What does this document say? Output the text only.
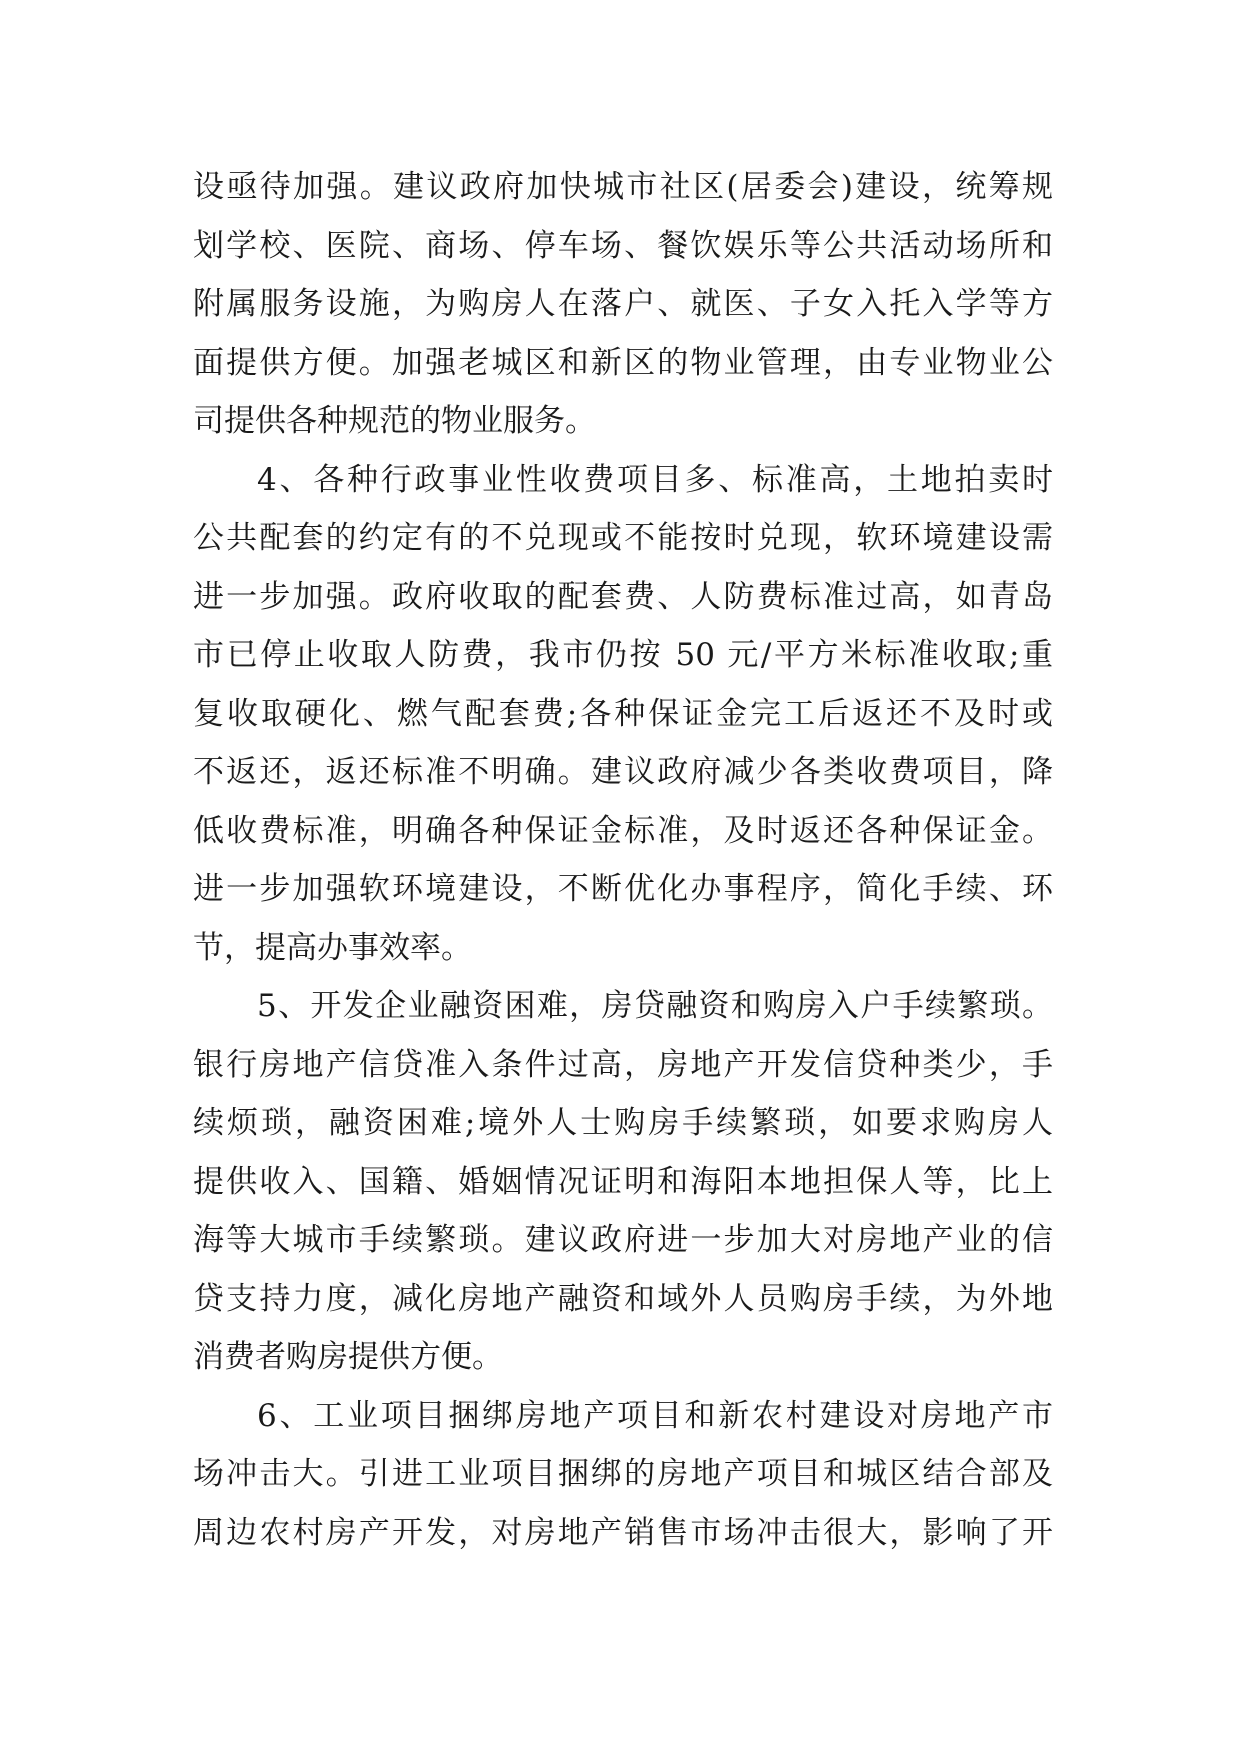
设亟待加强。建议政府加快城市社区(居委会)建设，统筹规
划学校、医院、商场、停车场、餐饮娱乐等公共活动场所和
附属服务设施，为购房人在落户、就医、子女入托入学等方
面提供方便。加强老城区和新区的物业管理，由专业物业公
司提供各种规范的物业服务。
4、各种行政事业性收费项目多、标准高，土地拍卖时
公共配套的约定有的不兑现或不能按时兑现，软环境建设需
进一步加强。政府收取的配套费、人防费标准过高，如青岛
市已停止收取人防费，我市仍按 50 元/平方米标准收取;重
复收取硬化、燃气配套费;各种保证金完工后返还不及时或
不返还，返还标准不明确。建议政府减少各类收费项目，降
低收费标准，明确各种保证金标准，及时返还各种保证金。
进一步加强软环境建设，不断优化办事程序，简化手续、环
节，提高办事效率。
5、开发企业融资困难，房贷融资和购房入户手续繁琐。
银行房地产信贷准入条件过高，房地产开发信贷种类少，手
续烦琐，融资困难;境外人士购房手续繁琐，如要求购房人
提供收入、国籍、婚姻情况证明和海阳本地担保人等，比上
海等大城市手续繁琐。建议政府进一步加大对房地产业的信
贷支持力度，减化房地产融资和域外人员购房手续，为外地
消费者购房提供方便。
6、工业项目捆绑房地产项目和新农村建设对房地产市
场冲击大。引进工业项目捆绑的房地产项目和城区结合部及
周边农村房产开发，对房地产销售市场冲击很大，影响了开
